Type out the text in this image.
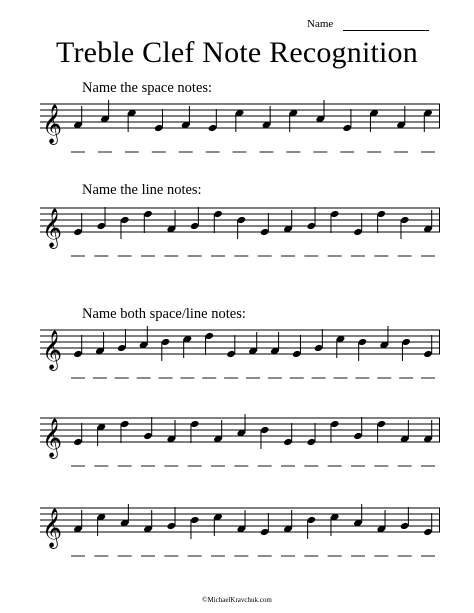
Name
Treble Clef Note Recognition
Name the space notes:
Name the line notes:
Name both space/line notes:
𝄞
𝄞
𝄞
𝄞
𝄞
©MichaelKravchuk.com
